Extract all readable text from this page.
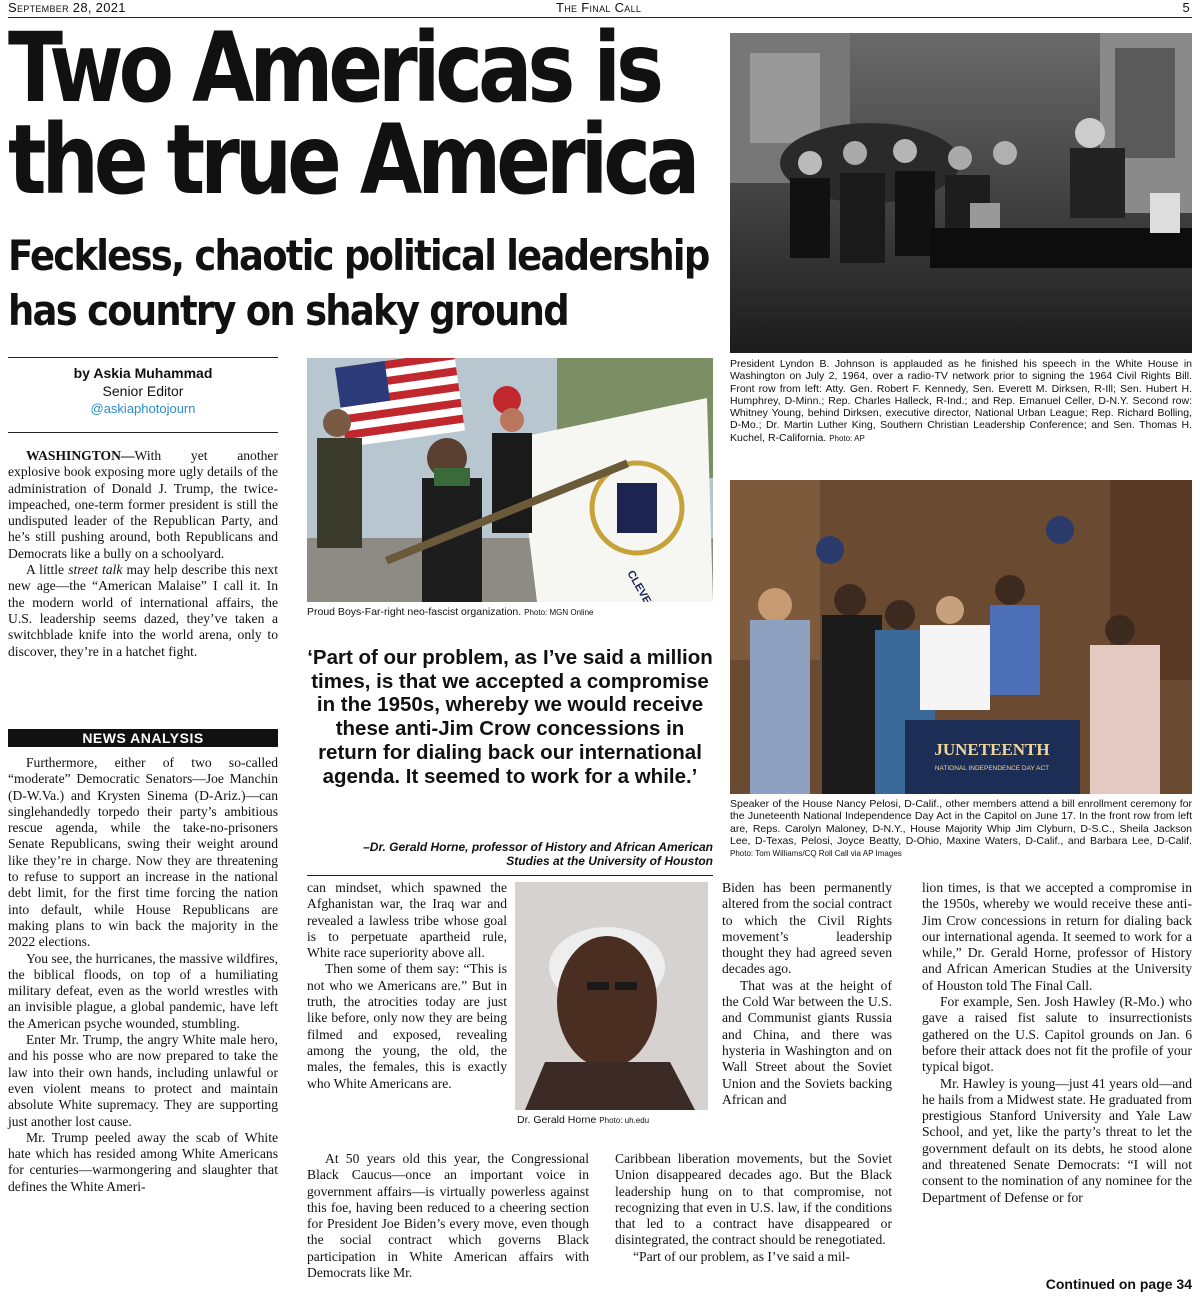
September 28, 2021	The Final Call	5
Two Americas is
the true America
Feckless, chaotic political leadership
has country on shaky ground
President Lyndon B. Johnson is applauded as he finished his speech in the White House in Washington on July 2, 1964, over a radio-TV network prior to signing the 1964 Civil Rights Bill. Front row from left: Atty. Gen. Robert F. Kennedy, Sen. Everett M. Dirksen, R-Ill; Sen. Hubert H. Humphrey, D-Minn.; Rep. Charles Halleck, R-Ind.; and Rep. Emanuel Celler, D-N.Y. Second row: Whitney Young, behind Dirksen, executive director, National Urban League; Rep. Richard Bolling, D-Mo.; Dr. Martin Luther King, Southern Christian Leadership Conference; and Sen. Thomas H. Kuchel, R-California. Photo: AP
JUNETEENTH
NATIONAL INDEPENDENCE DAY ACT
Speaker of the House Nancy Pelosi, D-Calif., other members attend a bill enrollment ceremony for the Juneteenth National Independence Day Act in the Capitol on June 17. In the front row from left are, Reps. Carolyn Maloney, D-N.Y., House Majority Whip Jim Clyburn, D-S.C., Sheila Jackson Lee, D-Texas, Pelosi, Joyce Beatty, D-Ohio, Maxine Waters, D-Calif., and Barbara Lee, D-Calif. Photo: Tom Williams/CQ Roll Call via AP Images
by Askia Muhammad
Senior Editor
@askiaphotojourn

WASHINGTON—With yet another explosive book exposing more ugly details of the administration of Donald J. Trump, the twice-impeached, one-term former president is still the undisputed leader of the Republican Party, and he’s still pushing around, both Republicans and Democrats like a bully on a schoolyard.

A little street talk may help describe this next new age—the “American Malaise” I call it. In the modern world of international affairs, the U.S. leadership seems dazed, they’ve taken a switchblade knife into the world arena, only to discover, they’re in a hatchet fight.

NEWS ANALYSIS

Furthermore, either of two so-called “moderate” Democratic Senators—Joe Manchin (D-W.Va.) and Krysten Sinema (D-Ariz.)—can singlehandedly torpedo their party’s ambitious rescue agenda, while the take-no-prisoners Senate Republicans, swing their weight around like they’re in charge. Now they are threatening to refuse to support an increase in the national debt limit, for the first time forcing the nation into default, while House Republicans are making plans to win back the majority in the 2022 elections.

You see, the hurricanes, the massive wildfires, the biblical floods, on top of a humiliating military defeat, even as the world wrestles with an invisible plague, a global pandemic, have left the American psyche wounded, stumbling.

Enter Mr. Trump, the angry White male hero, and his posse who are now prepared to take the law into their own hands, including unlawful or even violent means to protect and maintain absolute White supremacy. They are supporting just another lost cause.

Mr. Trump peeled away the scab of White hate which has resided among White Americans for centuries—warmongering and slaughter that defines the White Ameri-

Proud Boys-Far-right neo-fascist organization. Photo: MGN Online
‘Part of our problem, as I’ve said a million times, is that we accepted a compromise in the 1950s, whereby we would receive these anti-Jim Crow concessions in return for dialing back our international agenda. It seemed to work for a while.’
–Dr. Gerald Horne, professor of History and African American
Studies at the University of Houston

can mindset, which spawned the Afghanistan war, the Iraq war and revealed a lawless tribe whose goal is to perpetuate apartheid rule, White race superiority above all.

Then some of them say: “This is not who we Americans are.” But in truth, the atrocities today are just like before, only now they are being filmed and exposed, revealing among the young, the old, the males, the females, this is exactly who White Americans are.

At 50 years old this year, the Congressional Black Caucus—once an important voice in government affairs—is virtually powerless against this foe, having been reduced to a cheering section for President Joe Biden’s every move, even though the social contract which governs Black participation in White American affairs with Democrats like Mr.

Dr. Gerald Horne Photo: uh.edu

Biden has been permanently altered from the social contract to which the Civil Rights movement’s leadership thought they had agreed seven decades ago.

That was at the height of the Cold War between the U.S. and Communist giants Russia and China, and there was hysteria in Washington and on Wall Street about the Soviet Union and the Soviets backing African and

Caribbean liberation movements, but the Soviet Union disappeared decades ago. But the Black leadership hung on to that compromise, not recognizing that even in U.S. law, if the conditions that led to a contract have disappeared or disintegrated, the contract should be renegotiated.

“Part of our problem, as I’ve said a mil-

lion times, is that we accepted a compromise in the 1950s, whereby we would receive these anti-Jim Crow concessions in return for dialing back our international agenda. It seemed to work for a while,” Dr. Gerald Horne, professor of History and African American Studies at the University of Houston told The Final Call.

For example, Sen. Josh Hawley (R-Mo.) who gave a raised fist salute to insurrectionists gathered on the U.S. Capitol grounds on Jan. 6 before their attack does not fit the profile of your typical bigot.

Mr. Hawley is young—just 41 years old—and he hails from a Midwest state. He graduated from prestigious Stanford University and Yale Law School, and yet, like the party’s threat to let the government default on its debts, he stood alone and threatened Senate Democrats: “I will not consent to the nomination of any nominee for the Department of Defense or for

Continued on page 34
